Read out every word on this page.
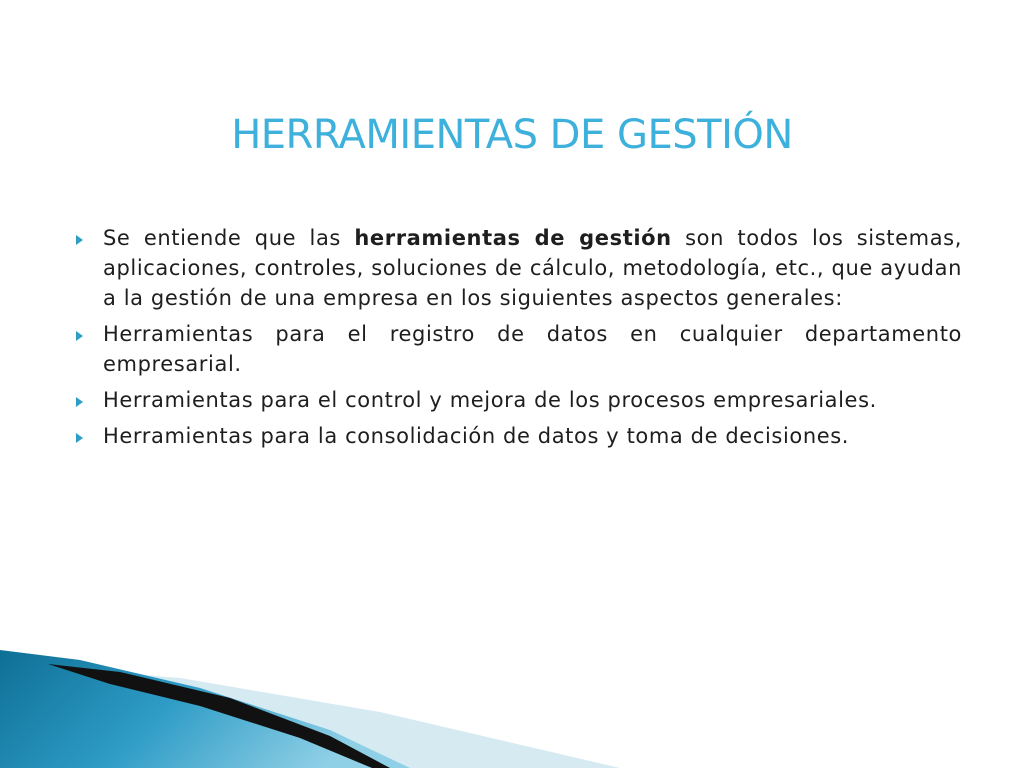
HERRAMIENTAS DE GESTIÓN
Se entiende que las herramientas de gestión son todos los sistemas, aplicaciones, controles, soluciones de cálculo, metodología, etc., que ayudan a la gestión de una empresa en los siguientes aspectos generales:
Herramientas para el registro de datos en cualquier departamento empresarial.
Herramientas para el control y mejora de los procesos empresariales.
Herramientas para la consolidación de datos y toma de decisiones.
